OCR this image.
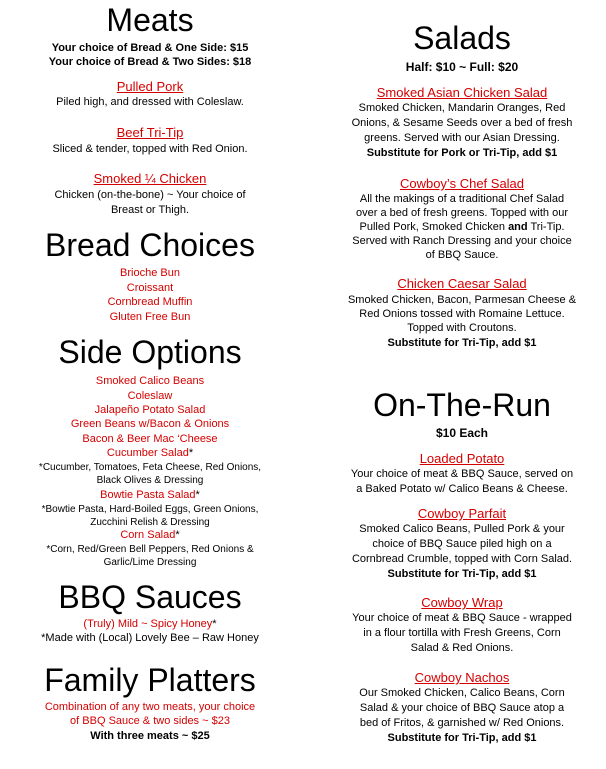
Meats

Your choice of Bread & One Side: $15

Your choice of Bread & Two Sides: $18

Pulled Pork

Piled high, and dressed with Coleslaw.

Beef Tri-Tip

Sliced & tender, topped with Red Onion.

Smoked ¼ Chicken

Chicken (on-the-bone) ~ Your choice of

Breast or Thigh.

Bread Choices

Brioche Bun

Croissant

Cornbread Muffin

Gluten Free Bun

Side Options

Smoked Calico Beans

Coleslaw

Jalapeño Potato Salad

Green Beans w/Bacon & Onions

Bacon & Beer Mac ‘Cheese

Cucumber Salad*

*Cucumber, Tomatoes, Feta Cheese, Red Onions,

Black Olives & Dressing

Bowtie Pasta Salad*

*Bowtie Pasta, Hard-Boiled Eggs, Green Onions,

Zucchini Relish & Dressing

Corn Salad*

*Corn, Red/Green Bell Peppers, Red Onions &

Garlic/Lime Dressing

BBQ Sauces

(Truly) Mild ~ Spicy Honey*

*Made with (Local) Lovely Bee – Raw Honey

Family Platters

Combination of any two meats, your choice

of BBQ Sauce & two sides ~ $23

With three meats ~ $25

Salads

Half: $10 ~ Full: $20

Smoked Asian Chicken Salad

Smoked Chicken, Mandarin Oranges, Red

Onions, & Sesame Seeds over a bed of fresh

greens. Served with our Asian Dressing.

Substitute for Pork or Tri-Tip, add $1

Cowboy’s Chef Salad

All the makings of a traditional Chef Salad

over a bed of fresh greens. Topped with our

Pulled Pork, Smoked Chicken and Tri-Tip.

Served with Ranch Dressing and your choice

of BBQ Sauce.

Chicken Caesar Salad

Smoked Chicken, Bacon, Parmesan Cheese &

Red Onions tossed with Romaine Lettuce.

Topped with Croutons.

Substitute for Tri-Tip, add $1

On-The-Run

$10 Each

Loaded Potato

Your choice of meat & BBQ Sauce, served on

a Baked Potato w/ Calico Beans & Cheese.

Cowboy Parfait

Smoked Calico Beans, Pulled Pork & your

choice of BBQ Sauce piled high on a

Cornbread Crumble, topped with Corn Salad.

Substitute for Tri-Tip, add $1

Cowboy Wrap

Your choice of meat & BBQ Sauce - wrapped

in a flour tortilla with Fresh Greens, Corn

Salad & Red Onions.

Cowboy Nachos

Our Smoked Chicken, Calico Beans, Corn

Salad & your choice of BBQ Sauce atop a

bed of Fritos, & garnished w/ Red Onions.

Substitute for Tri-Tip, add $1
